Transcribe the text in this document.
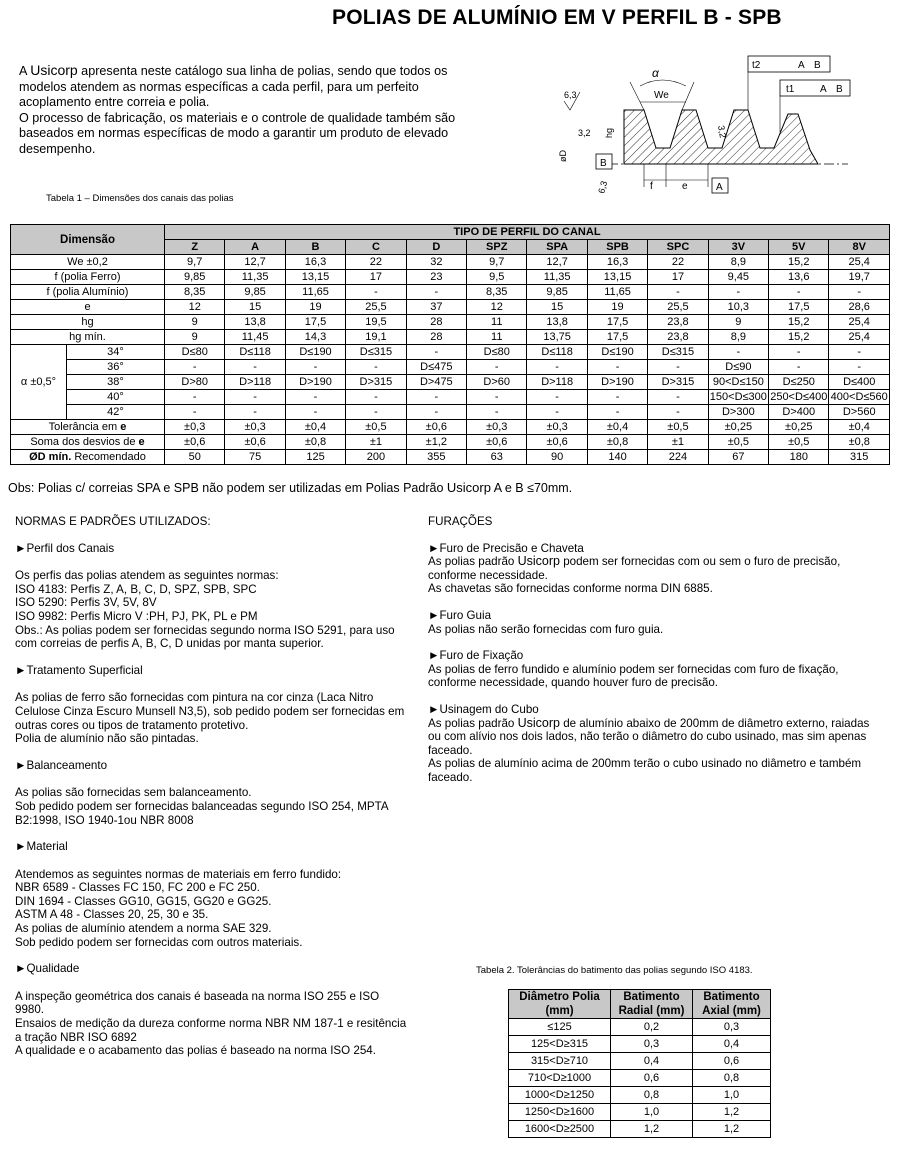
POLIAS DE ALUMÍNIO EM V PERFIL B - SPB
A Usicorp apresenta neste catálogo sua linha de polias, sendo que todos os modelos atendem as normas específicas a cada perfil, para um perfeito acoplamento entre correia e polia.
O processo de fabricação, os materiais e o controle de qualidade também são baseados em normas específicas de modo a garantir um produto de elevado desempenho.
α
We
t2	A B
t1	A B
6,3
3,2	3,2
hg
øD
B
6,3	f	e	A
Tabela 1 – Dimensões dos canais das polias
Dimensão		TIPO DE PERFIL DO CANAL											
		Z	A	B	C	D	SPZ	SPA	SPB	SPC	3V	5V	8V
We ±0,2		9,7	12,7	16,3	22	32	9,7	12,7	16,3	22	8,9	15,2	25,4
f (polia Ferro)		9,85	11,35	13,15	17	23	9,5	11,35	13,15	17	9,45	13,6	19,7
f (polia Alumínio)		8,35	9,85	11,65	-	-	8,35	9,85	11,65	-	-	-	-
e		12	15	19	25,5	37	12	15	19	25,5	10,3	17,5	28,6
hg		9	13,8	17,5	19,5	28	11	13,8	17,5	23,8	9	15,2	25,4
hg mín.		9	11,45	14,3	19,1	28	11	13,75	17,5	23,8	8,9	15,2	25,4
α ±0,5°	34°	D≤80	D≤118	D≤190	D≤315	-	D≤80	D≤118	D≤190	D≤315	-	-	-
	36°	-	-	-	-	D≤475	-	-	-	-	D≤90	-	-
	38°	D>80	D>118	D>190	D>315	D>475	D>60	D>118	D>190	D>315	90<D≤150	D≤250	D≤400
	40°	-	-	-	-	-	-	-	-	-	150<D≤300	250<D≤400	400<D≤560
	42°	-	-	-	-	-	-	-	-	-	D>300	D>400	D>560
Tolerância em e		±0,3	±0,3	±0,4	±0,5	±0,6	±0,3	±0,3	±0,4	±0,5	±0,25	±0,25	±0,4
Soma dos desvios de e		±0,6	±0,6	±0,8	±1	±1,2	±0,6	±0,6	±0,8	±1	±0,5	±0,5	±0,8
ØD mín. Recomendado		50	75	125	200	355	63	90	140	224	67	180	315
Obs: Polias c/ correias SPA e SPB não podem ser utilizadas em Polias Padrão Usicorp A e B ≤70mm.

NORMAS E PADRÕES UTILIZADOS:

►Perfil dos Canais

Os perfis das polias atendem as seguintes normas:

ISO 4183: Perfis Z, A, B, C, D, SPZ, SPB, SPC

ISO 5290: Perfis 3V, 5V, 8V

ISO 9982: Perfis Micro V :PH, PJ, PK, PL e PM

Obs.: As polias podem ser fornecidas segundo norma ISO 5291, para uso com correias de perfis A, B, C, D unidas por manta superior.

►Tratamento Superficial

As polias de ferro são fornecidas com pintura na cor cinza (Laca Nitro Celulose Cinza Escuro Munsell N3,5), sob pedido podem ser fornecidas em outras cores ou tipos de tratamento protetivo.

Polia de alumínio não são pintadas.

►Balanceamento

As polias são fornecidas sem balanceamento.

Sob pedido podem ser fornecidas balanceadas segundo ISO 254, MPTA B2:1998, ISO 1940-1ou NBR 8008

►Material

Atendemos as seguintes normas de materiais em ferro fundido:

NBR 6589 - Classes FC 150, FC 200 e FC 250.

DIN 1694 - Classes GG10, GG15, GG20 e GG25.

ASTM A 48 - Classes 20, 25, 30 e 35.

As polias de alumínio atendem a norma SAE 329.

Sob pedido podem ser fornecidas com outros materiais.

►Qualidade

A inspeção geométrica dos canais é baseada na norma ISO 255 e ISO 9980.

Ensaios de medição da dureza conforme norma NBR NM 187-1 e resitência a tração NBR ISO 6892

A qualidade e o acabamento das polias é baseado na norma ISO 254.

FURAÇÕES

►Furo de Precisão e Chaveta

As polias padrão Usicorp podem ser fornecidas com ou sem o furo de precisão, conforme necessidade.

As chavetas são fornecidas conforme norma DIN 6885.

►Furo Guia

As polias não serão fornecidas com furo guia.

►Furo de Fixação

As polias de ferro fundido e alumínio podem ser fornecidas com furo de fixação, conforme necessidade, quando houver furo de precisão.

►Usinagem do Cubo

As polias padrão Usicorp de alumínio abaixo de 200mm de diâmetro externo, raiadas ou com alívio nos dois lados, não terão o diâmetro do cubo usinado, mas sim apenas faceado.

As polias de alumínio acima de 200mm terão o cubo usinado no diâmetro e também faceado.

Tabela 2. Tolerâncias do batimento das polias segundo ISO 4183.
Diâmetro Polia (mm)	Batimento Radial (mm)	Batimento Axial (mm)
≤125	0,2	0,3
125<D≥315	0,3	0,4
315<D≥710	0,4	0,6
710<D≥1000	0,6	0,8
1000<D≥1250	0,8	1,0
1250<D≥1600	1,0	1,2
1600<D≥2500	1,2	1,2
